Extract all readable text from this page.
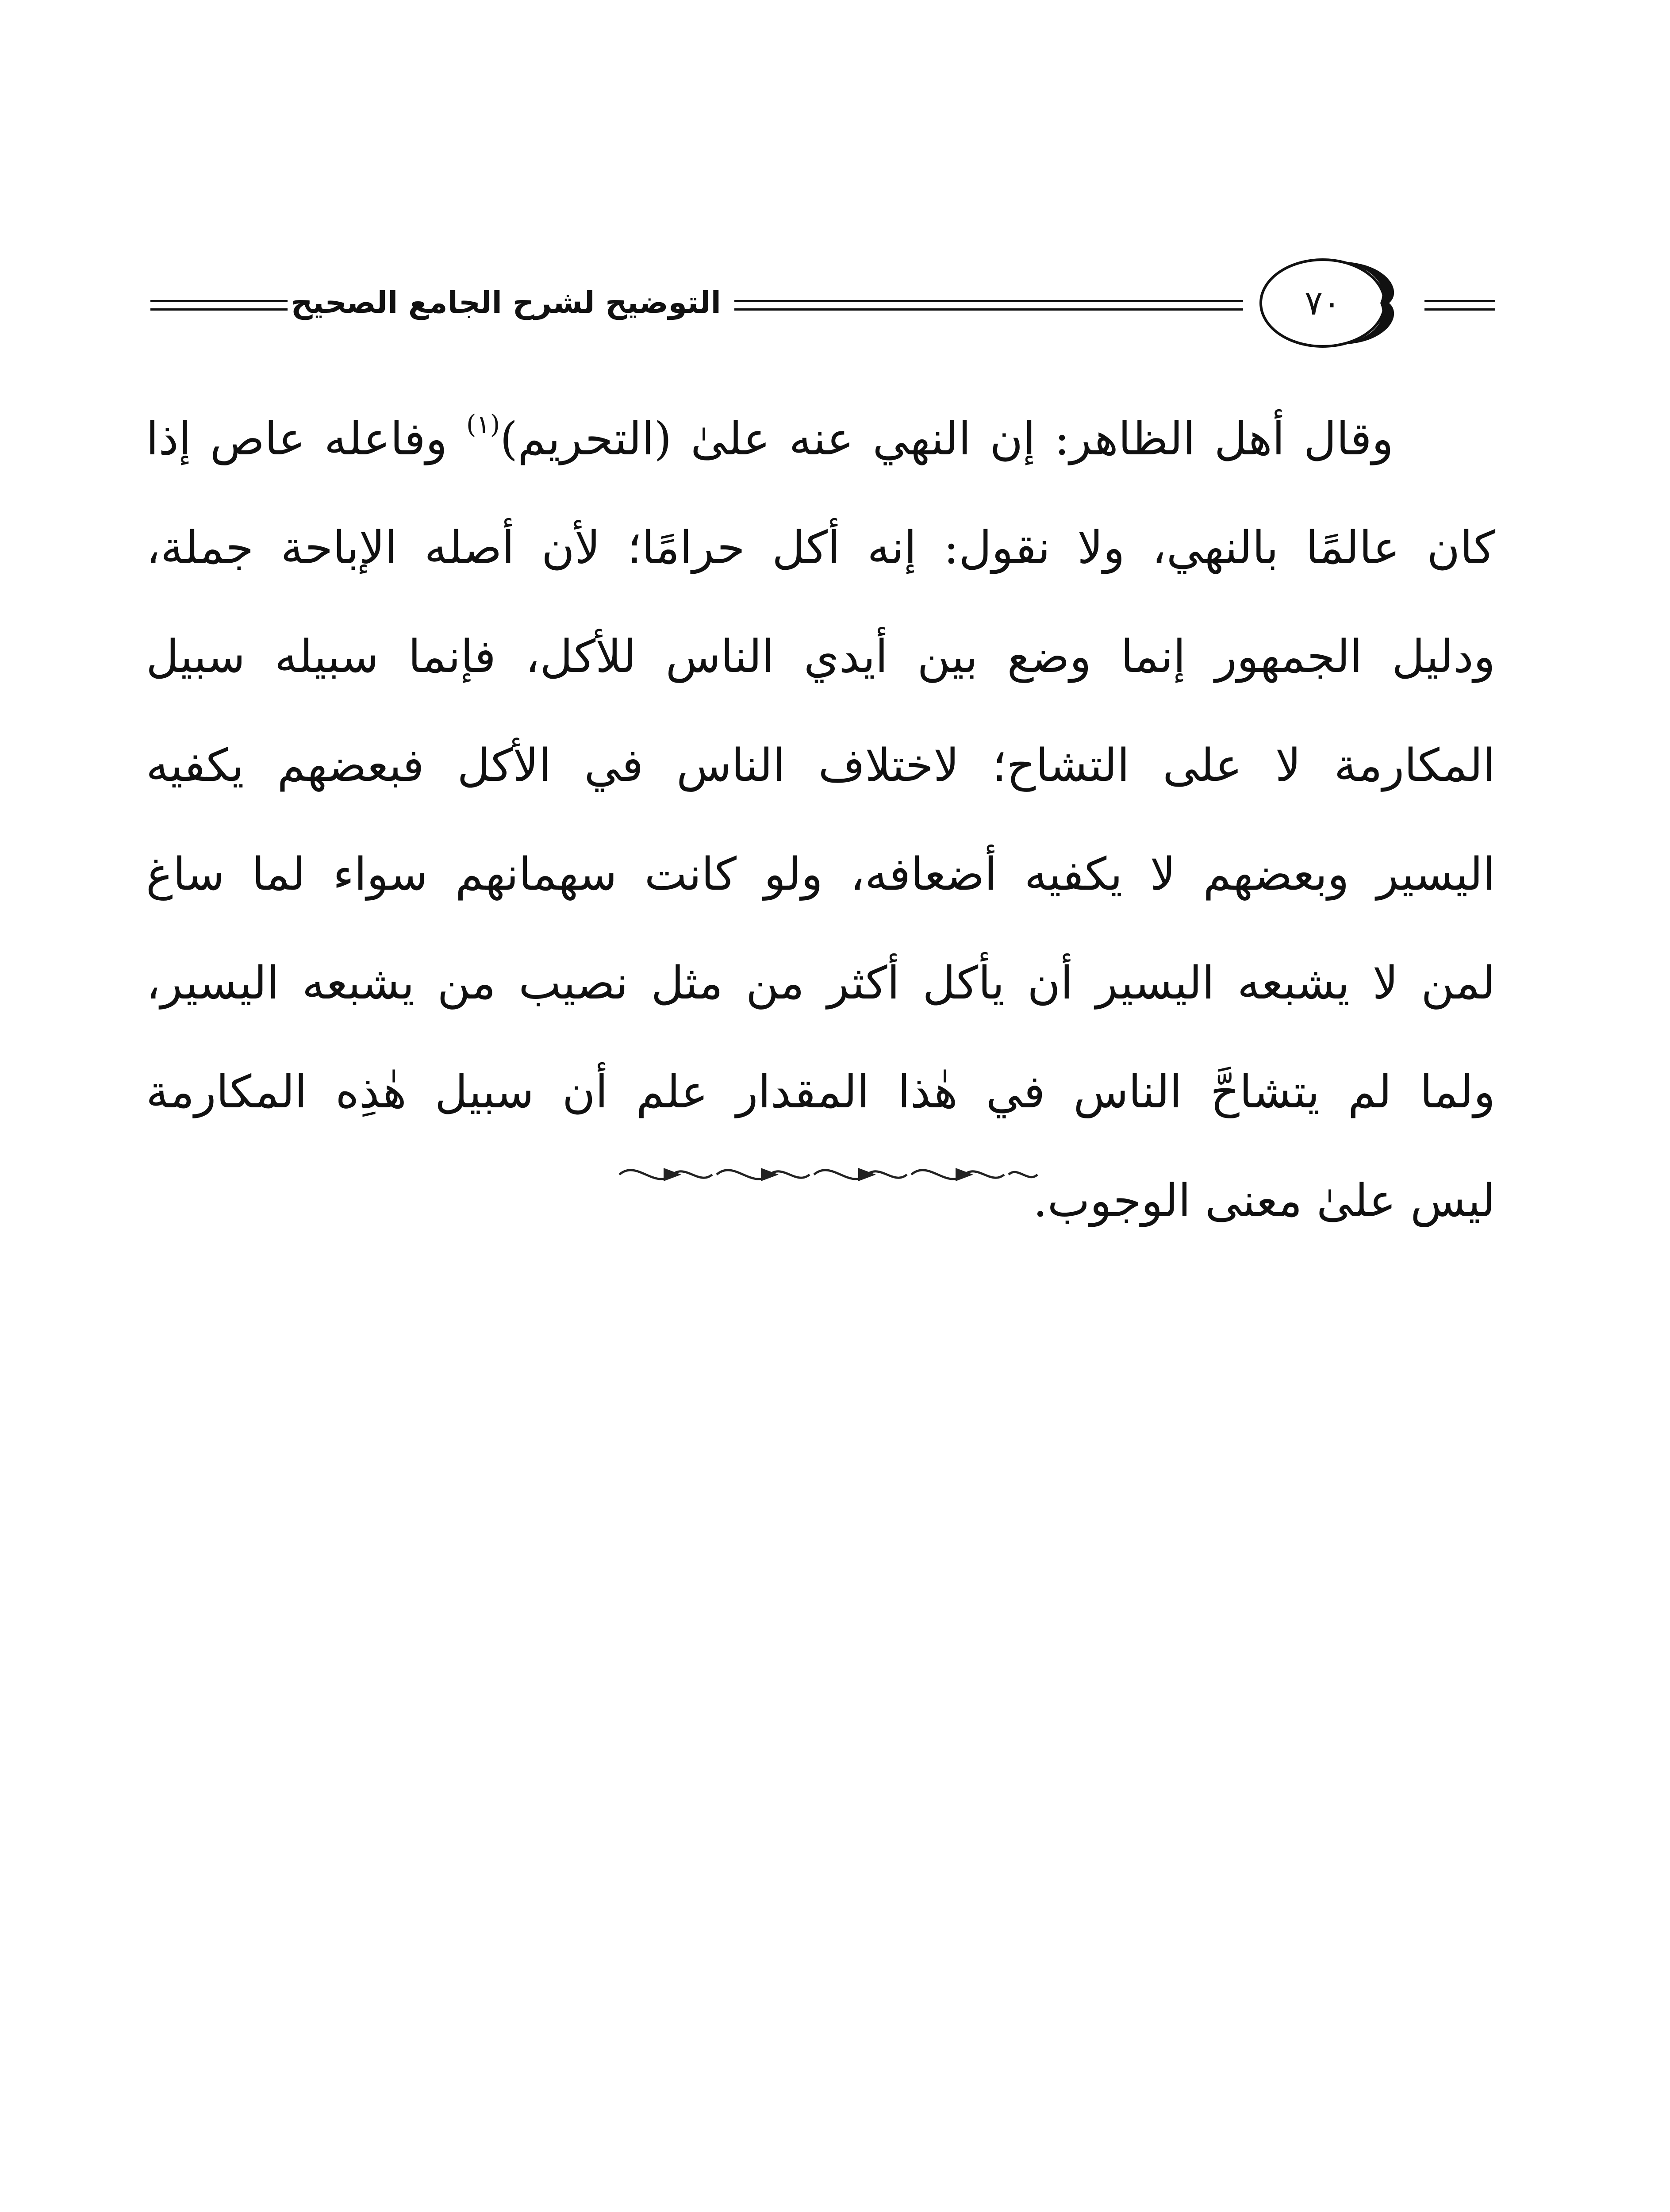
التوضيح لشرح الجامع الصحيح	٧٠
وقال أهل الظاهر: إن النهي عنه علىٰ (التحريم)$^{(١)}$ وفاعله عاص إذا
كان عالمًا بالنهي، ولا نقول: إنه أكل حرامًا؛ لأن أصله الإباحة جملة،
ودليل الجمهور إنما وضع بين أيدي الناس للأكل، فإنما سبيله سبيل
المكارمة لا على التشاح؛ لاختلاف الناس في الأكل فبعضهم يكفيه
اليسير وبعضهم لا يكفيه أضعافه، ولو كانت سهمانهم سواء لما ساغ
لمن لا يشبعه اليسير أن يأكل أكثر من مثل نصيب من يشبعه اليسير،
ولما لم يتشاحَّ الناس في هٰذا المقدار علم أن سبيل هٰذِه المكارمة
ليس علىٰ معنى الوجوب.
